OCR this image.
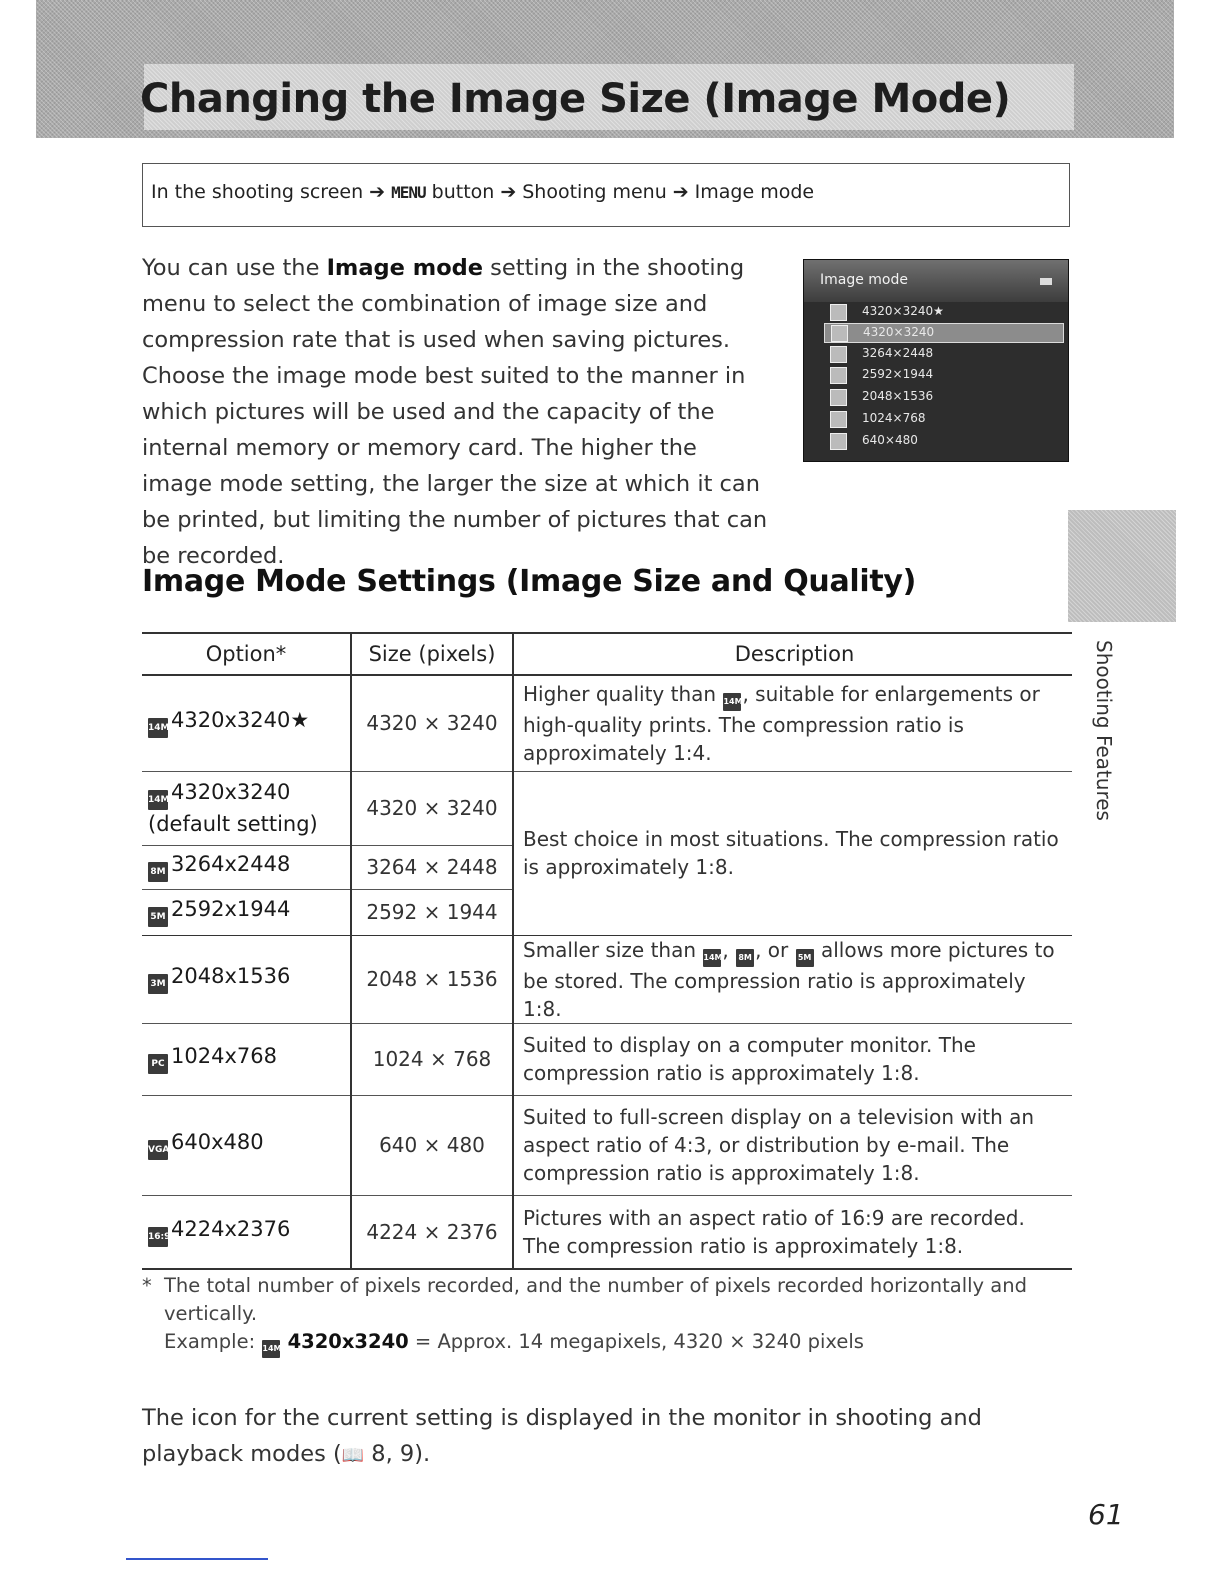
Changing the Image Size (Image Mode)
In the shooting screen ➔ MENU button ➔ Shooting menu ➔ Image mode

You can use the Image mode setting in the shooting menu to select the combination of image size and compression rate that is used when saving pictures.

Choose the image mode best suited to the manner in which pictures will be used and the capacity of the internal memory or memory card. The higher the image mode setting, the larger the size at which it can be printed, but limiting the number of pictures that can be recorded.

Image mode
4320×3240★
4320×3240
3264×2448
2592×1944
2048×1536
1024×768
640×480
Image Mode Settings (Image Size and Quality)
Option*	Size (pixels)	Description
14M4320x3240★	4320 × 3240	Higher quality than 14M, suitable for enlargements or high-quality prints. The compression ratio is approximately 1:4.
14M4320x3240
(default setting)	4320 × 3240	Best choice in most situations. The compression ratio is approximately 1:8.
8M 3264x2448	3264 × 2448	
5M 2592x1944	2592 × 1944	
3M 2048x1536	2048 × 1536	Smaller size than 14M, 8M , or 5M allows more pictures to be stored. The compression ratio is approximately 1:8.
PC 1024x768	1024 × 768	Suited to display on a computer monitor. The compression ratio is approximately 1:8.
VGA640x480	640 × 480	Suited to full-screen display on a television with an aspect ratio of 4:3, or distribution by e-mail. The compression ratio is approximately 1:8.
16:94224x2376	4224 × 2376	Pictures with an aspect ratio of 16:9 are recorded. The compression ratio is approximately 1:8.

* The total number of pixels recorded, and the number of pixels recorded horizontally and vertically.

Example: 14M 4320x3240 = Approx. 14 megapixels, 4320 × 3240 pixels

The icon for the current setting is displayed in the monitor in shooting and playback modes (📖 8, 9).
Shooting Features
61
